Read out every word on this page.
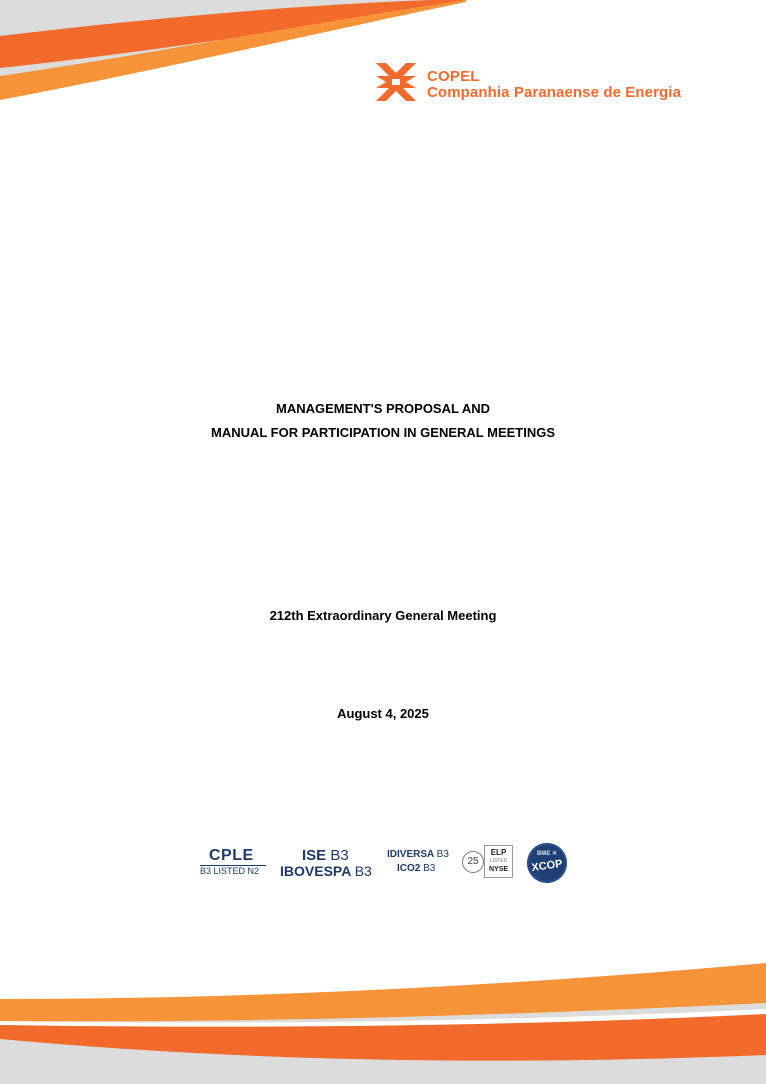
COPEL
Companhia Paranaense de Energia
MANAGEMENT'S PROPOSAL AND
MANUAL FOR PARTICIPATION IN GENERAL MEETINGS
212th Extraordinary General Meeting
August 4, 2025
CPLE
B3 LISTED N2
ISE B3
IBOVESPA B3
IDIVERSA B3
ICO2 B3
25
ELP
LISTED
NYSE
BME ✕
XCOP
